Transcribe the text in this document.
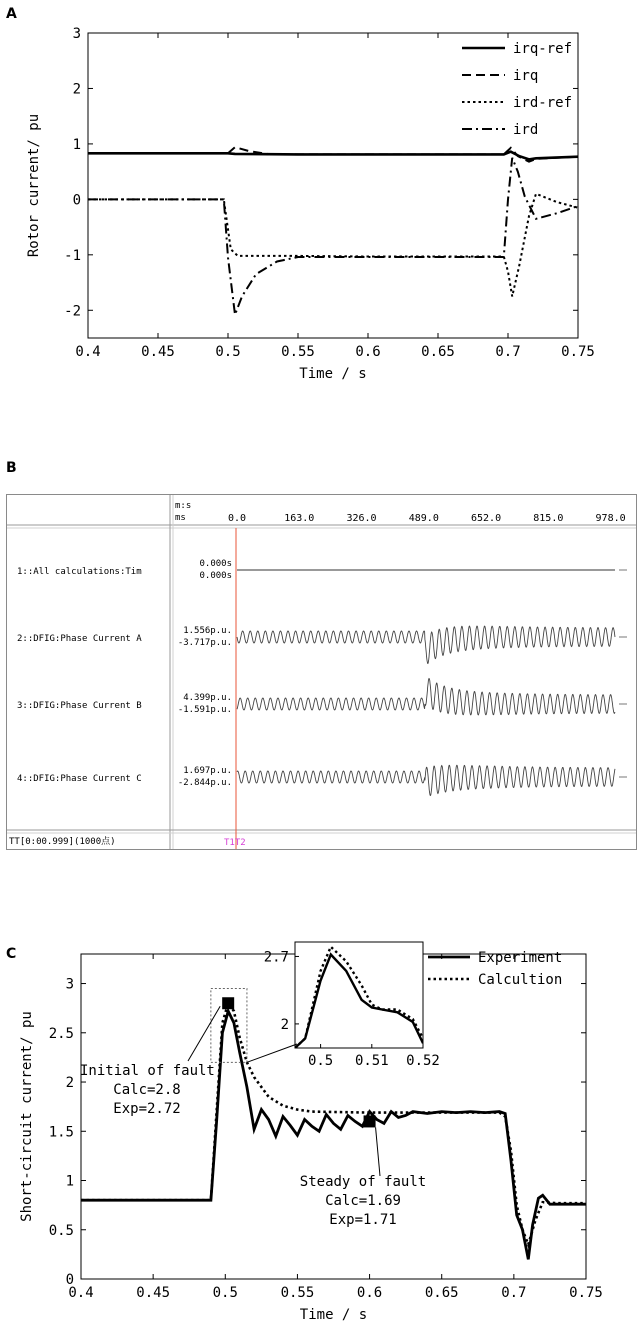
A
0.4	0.45	0.5	0.55	0.6	0.65	0.7	0.75
-2
-1
0
1
2
3
Time / s
Rotor current/ pu
irq-ref
irq
ird-ref
ird
B
m:s
ms	0.0	163.0	326.0	489.0	652.0	815.0	978.0
T1T2
TT[0:00.999](1000点)
1::All calculations:Tim
0.000s
0.000s
2::DFIG:Phase Current A
1.556p.u.
-3.717p.u.
3::DFIG:Phase Current B
4.399p.u.
-1.591p.u.
4::DFIG:Phase Current C
1.697p.u.
-2.844p.u.
C
0.4	0.45	0.5	0.55	0.6	0.65	0.7	0.75
0
0.5
1
1.5
2
2.5
3
Time / s
Short-circuit current/ pu	Initial of fault
Calc=2.8
Exp=2.72
Steady of fault
Calc=1.69
Exp=1.71
0.5 0.51 0.52
2
2.7	Experiment
Calcultion
